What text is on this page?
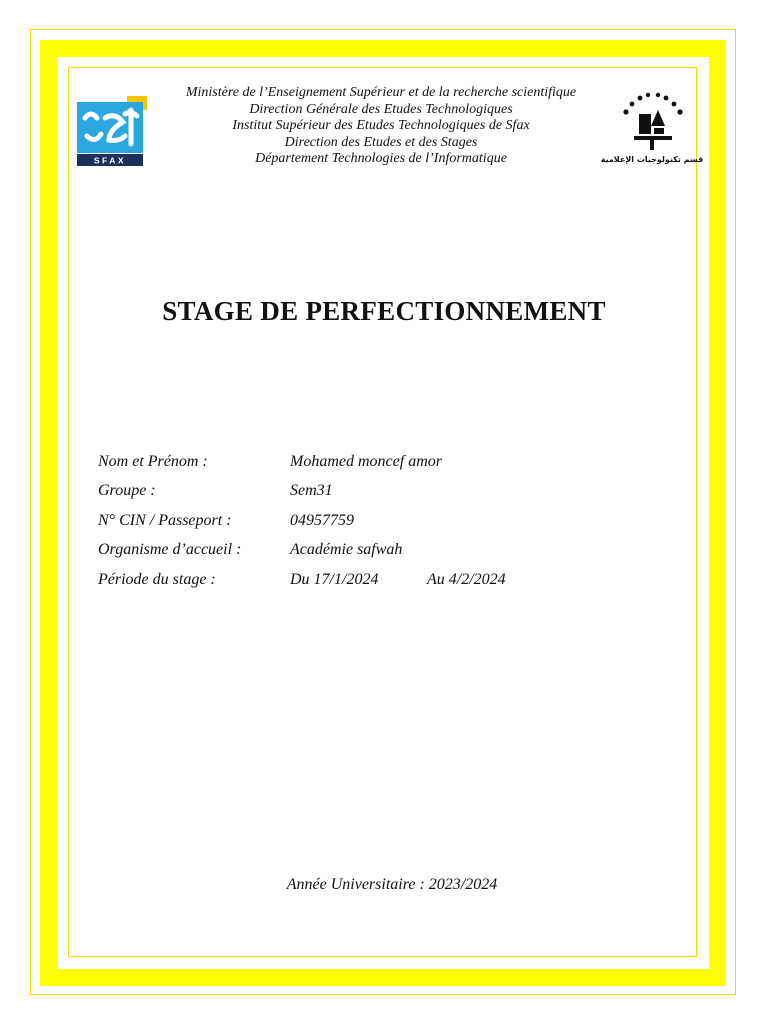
SFAX
Ministère de l’Enseignement Supérieur et de la recherche scientifique
Direction Générale des Etudes Technologiques
Institut Supérieur des Etudes Technologiques de Sfax
Direction des Etudes et des Stages
Département Technologies de l’Informatique	قسم تكنولوجيات الإعلامية
STAGE DE PERFECTIONNEMENT
Nom et Prénom :	Mohamed moncef amor
Groupe :	Sem31
N° CIN / Passeport :	04957759
Organisme d’accueil :	Académie safwah
Période du stage :	Du 17/1/2024	Au 4/2/2024
Année Universitaire : 2023/2024
